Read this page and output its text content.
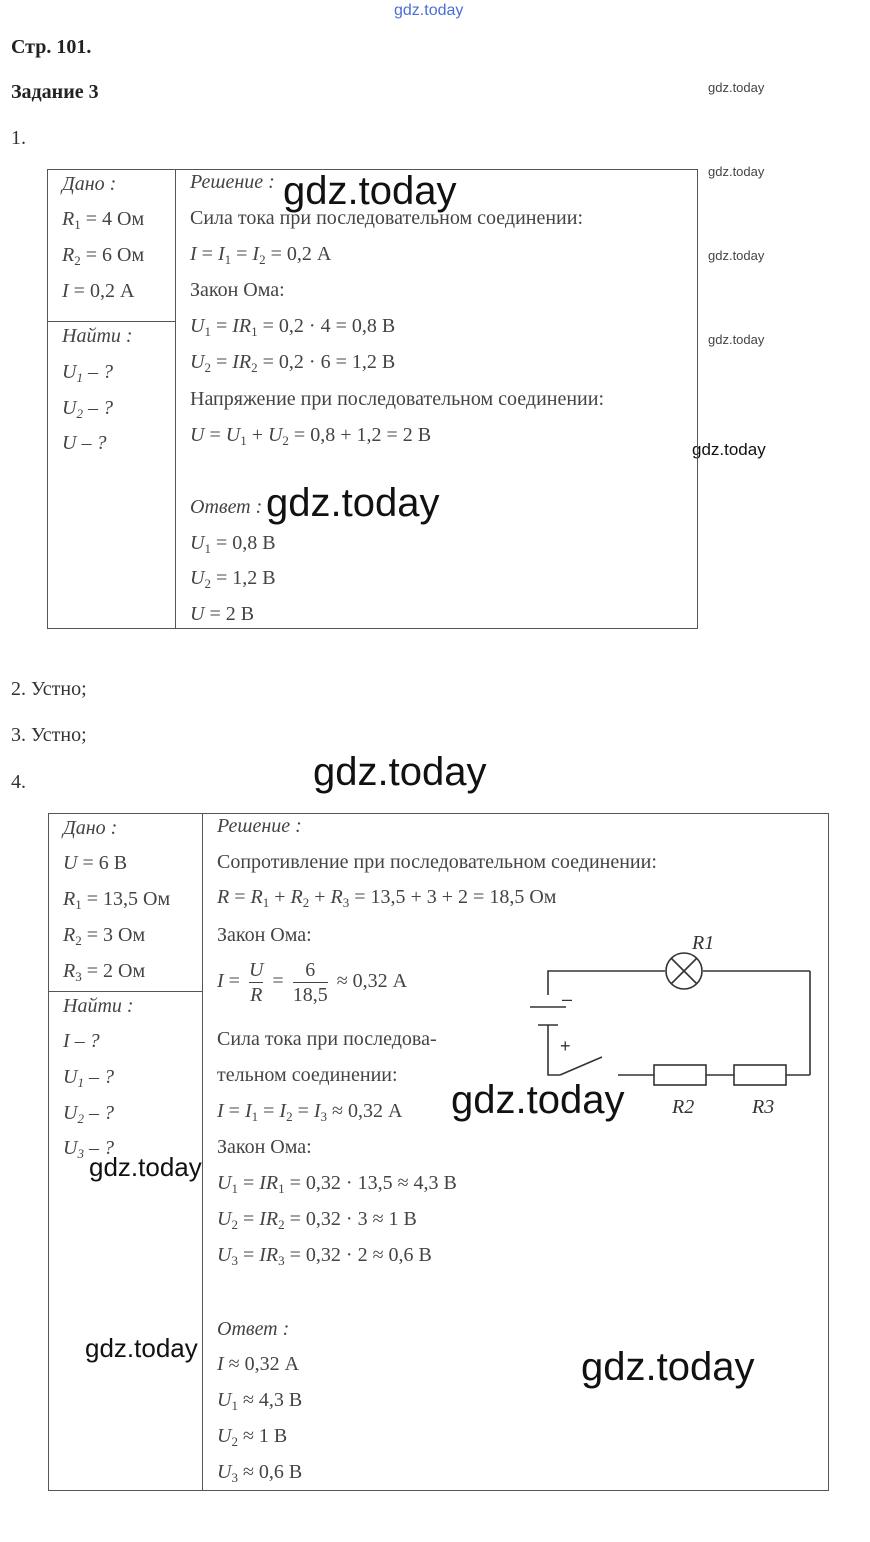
gdz.today
gdz.today
gdz.today
gdz.today
gdz.today
gdz.today
Стр. 101.
Задание 3
1.
Дано :
$R_1 = 4$ Ом
$R_2 = 6$ Ом
I = 0,2 А
Найти :
$U_1$ – ?
$U_2$ – ?
U – ?
Решение :
Сила тока при последовательном соединении:
$I = I_1 = I_2 = 0,2$ А
Закон Ома:
$U_1 = IR_1 = 0,2 \cdot 4 = 0,8$ В
$U_2 = IR_2 = 0,2 \cdot 6 = 1,2$ В
Напряжение при последовательном соединении:
$U = U_1 + U_2 = 0,8 + 1,2 = 2$ В
Ответ :
$U_1 = 0,8$ В
$U_2 = 1,2$ В
U = 2 В
gdz.today
gdz.today
2. Устно;
3. Устно;
4.	gdz.today
Дано :
U = 6 В
$R_1 = 13,5$ Ом
$R_2 = 3$ Ом
$R_3 = 2$ Ом
Найти :
I – ?
$U_1$ – ?
$U_2$ – ?
$U_3$ – ?
Решение :
Сопротивление при последовательном соединении:
$R = R_1 + R_2 + R_3 = 13,5 + 3 + 2 = 18,5$ Ом
Закон Ома:
$I = \frac{U}{R} = \frac{6}{18,5} \approx 0,32$ А
Сила тока при последова-
тельном соединении:
$I = I_1 = I_2 = I_3 \approx 0,32$ А
Закон Ома:
$U_1 = IR_1 = 0,32 \cdot 13,5 \approx 4,3$ В
$U_2 = IR_2 = 0,32 \cdot 3 \approx 1$ В
$U_3 = IR_3 = 0,32 \cdot 2 \approx 0,6$ В
Ответ :
I ≈ 0,32 А
$U_1 \approx 4,3$ В
$U_2 \approx 1$ В
$U_3 \approx 0,6$ В
R1
–
+
R2	R3
gdz.today
gdz.today
gdz.today	gdz.today
